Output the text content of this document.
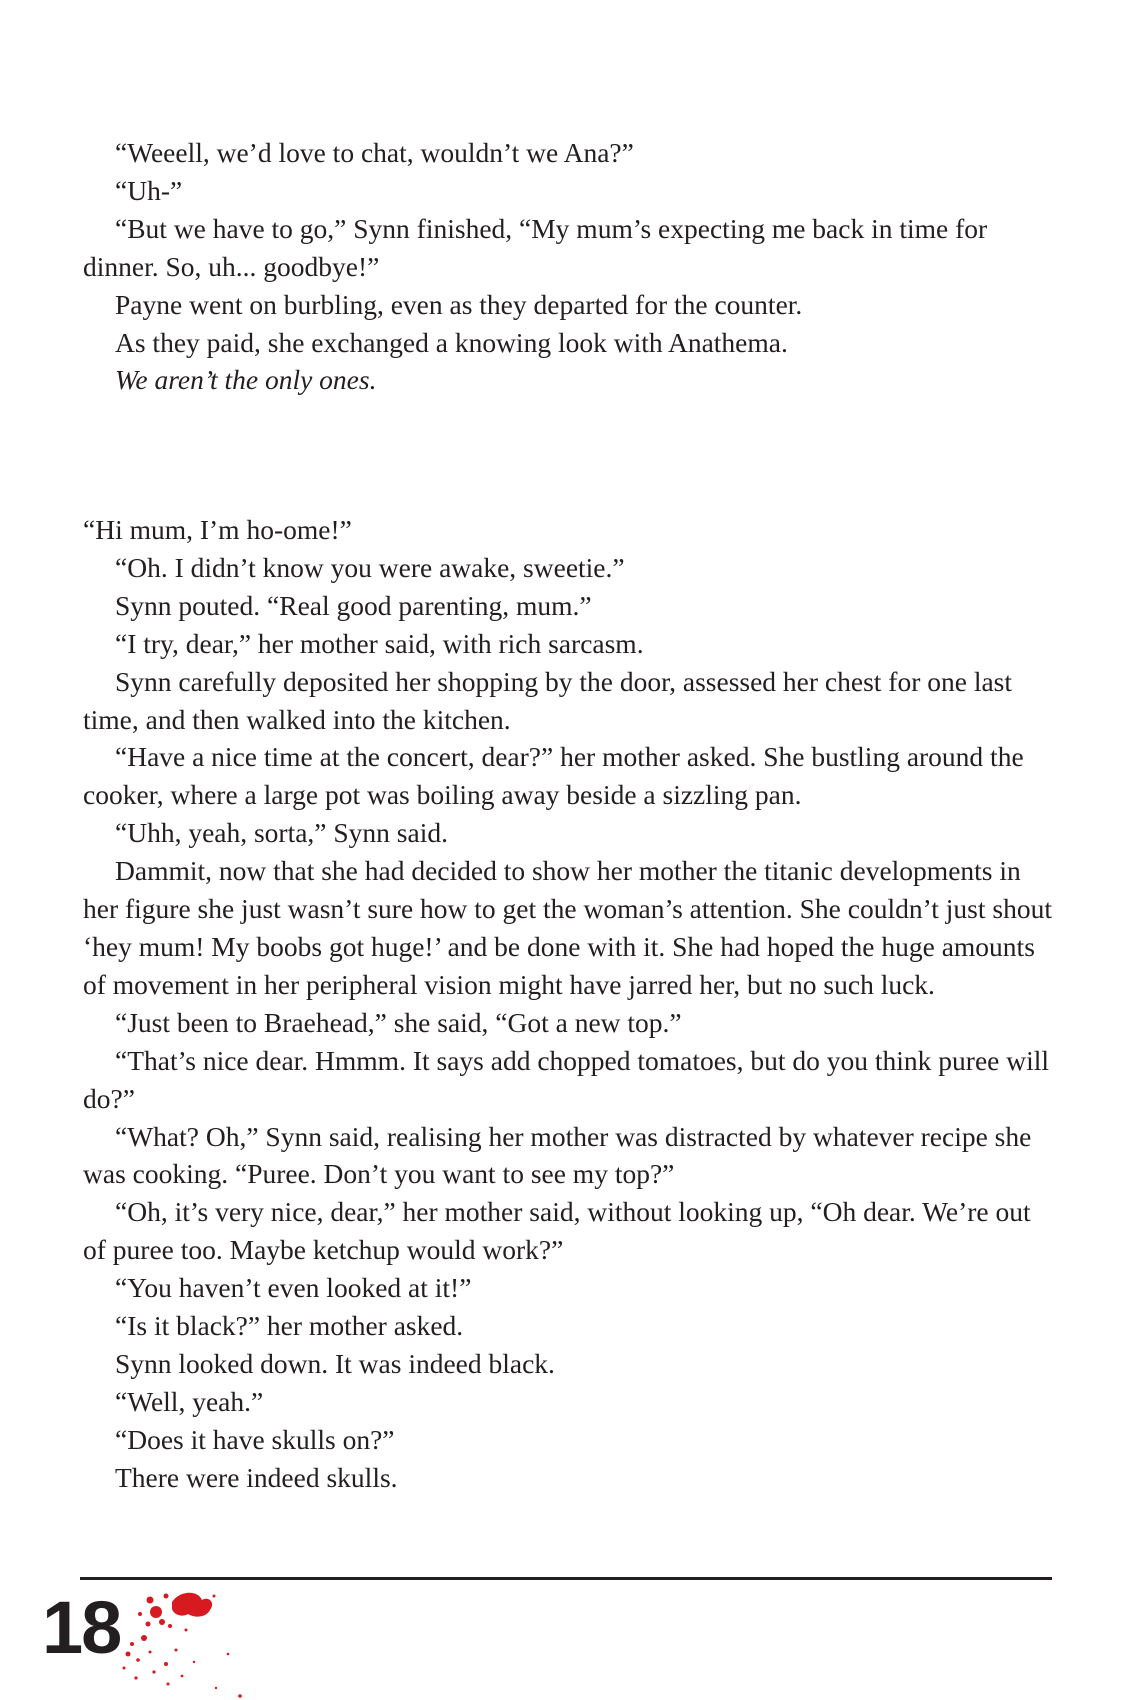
“Weeell, we’d love to chat, wouldn’t we Ana?”

“Uh-”

“But we have to go,” Synn finished, “My mum’s expecting me back in time for dinner. So, uh... goodbye!”

Payne went on burbling, even as they departed for the counter.

As they paid, she exchanged a knowing look with Anathema.

We aren’t the only ones.

“Hi mum, I’m ho-ome!”

“Oh. I didn’t know you were awake, sweetie.”

Synn pouted. “Real good parenting, mum.”

“I try, dear,” her mother said, with rich sarcasm.

Synn carefully deposited her shopping by the door, assessed her chest for one last time, and then walked into the kitchen.

“Have a nice time at the concert, dear?” her mother asked. She bustling around the cooker, where a large pot was boiling away beside a sizzling pan.

“Uhh, yeah, sorta,” Synn said.

Dammit, now that she had decided to show her mother the titanic developments in her figure she just wasn’t sure how to get the woman’s attention. She couldn’t just shout ‘hey mum! My boobs got huge!’ and be done with it. She had hoped the huge amounts of movement in her peripheral vision might have jarred her, but no such luck.

“Just been to Braehead,” she said, “Got a new top.”

“That’s nice dear. Hmmm. It says add chopped tomatoes, but do you think puree will do?”

“What? Oh,” Synn said, realising her mother was distracted by whatever recipe she was cooking. “Puree. Don’t you want to see my top?”

“Oh, it’s very nice, dear,” her mother said, without looking up, “Oh dear. We’re out of puree too. Maybe ketchup would work?”

“You haven’t even looked at it!”

“Is it black?” her mother asked.

Synn looked down. It was indeed black.

“Well, yeah.”

“Does it have skulls on?”

There were indeed skulls.

18
